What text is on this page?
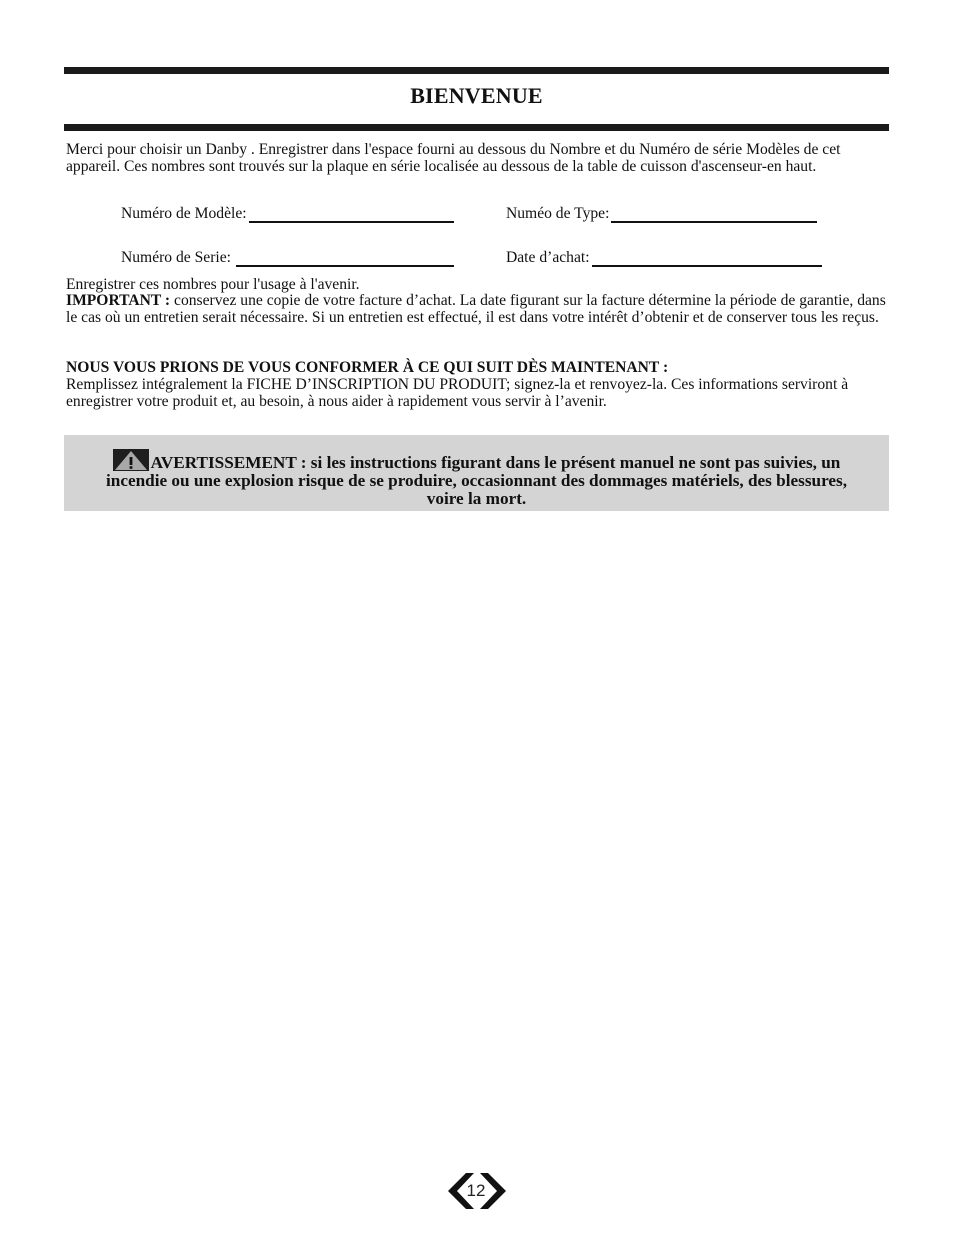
BIENVENUE
Merci pour choisir un Danby . Enregistrer dans l'espace fourni au dessous du Nombre et du Numéro de série Modèles de cet appareil. Ces nombres sont trouvés sur la plaque en série localisée au dessous de la table de cuisson d'ascenseur-en haut.
Numéro de Modèle:	Numéo de Type:
Numéro de Serie:	Date d’achat:
Enregistrer ces nombres pour l'usage à l'avenir.
IMPORTANT : conservez une copie de votre facture d’achat. La date figurant sur la facture détermine la période de garantie, dans le cas où un entretien serait nécessaire. Si un entretien est effectué, il est dans votre intérêt d’obtenir et de conserver tous les reçus.
NOUS VOUS PRIONS DE VOUS CONFORMER À CE QUI SUIT DÈS MAINTENANT :
Remplissez intégralement la FICHE D’INSCRIPTION DU PRODUIT; signez-la et renvoyez-la. Ces informations serviront à enregistrer votre produit et, au besoin, à nous aider à rapidement vous servir à l’avenir.
AVERTISSEMENT : si les instructions figurant dans le présent manuel ne sont pas suivies, un incendie ou une explosion risque de se produire, occasionnant des dommages matériels, des blessures, voire la mort.
12
